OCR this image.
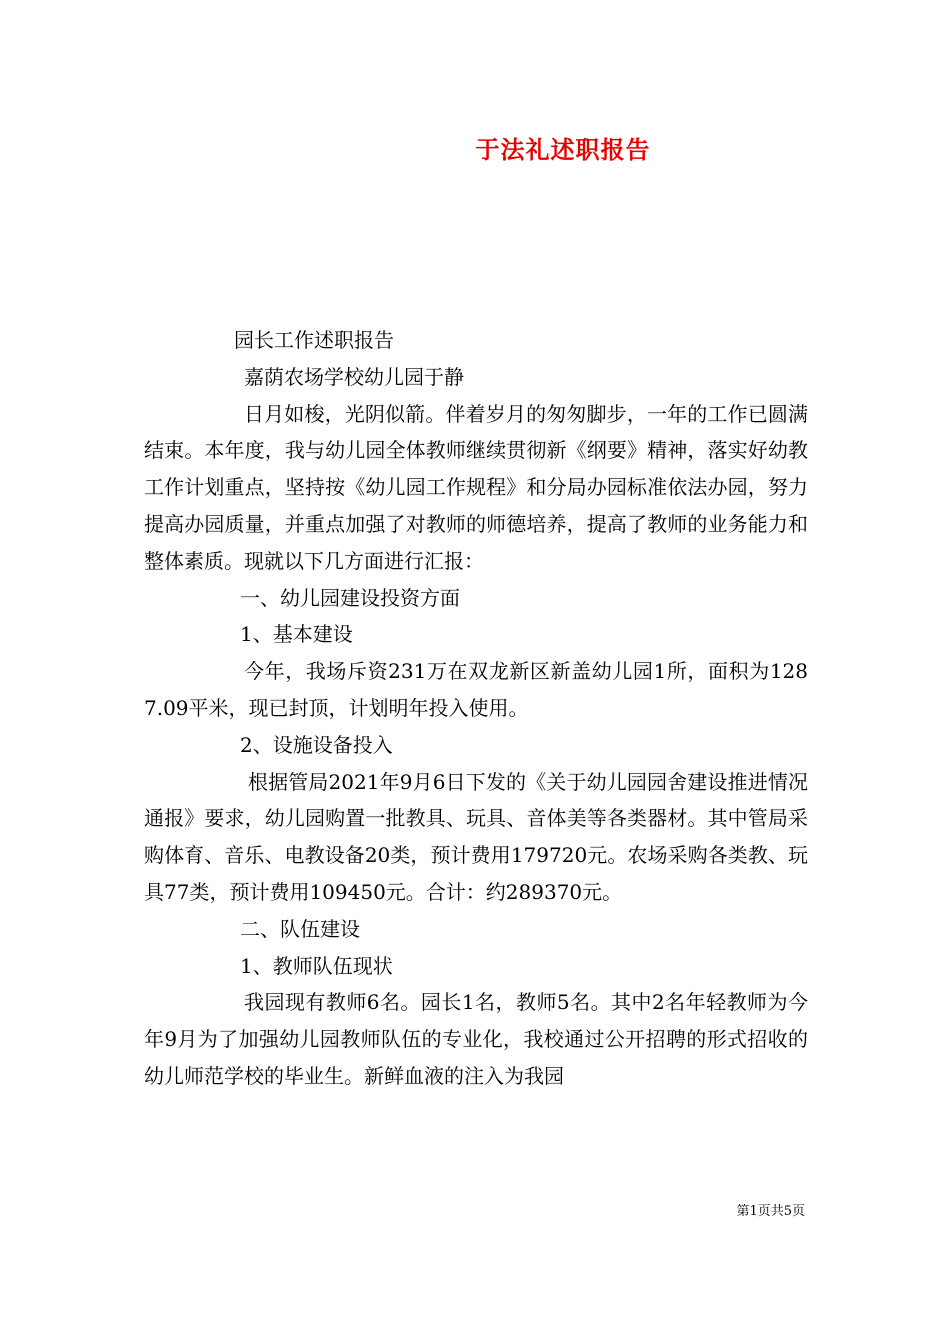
于法礼述职报告

园长工作述职报告

嘉荫农场学校幼儿园于静

日月如梭，光阴似箭。伴着岁月的匆匆脚步，一年的工作已圆满结束。本年度，我与幼儿园全体教师继续贯彻新《纲要》精神，落实好幼教工作计划重点，坚持按《幼儿园工作规程》和分局办园标准依法办园，努力提高办园质量，并重点加强了对教师的师德培养，提高了教师的业务能力和整体素质。现就以下几方面进行汇报：

一、幼儿园建设投资方面

1、基本建设

今年，我场斥资231万在双龙新区新盖幼儿园1所，面积为1287.09平米，现已封顶，计划明年投入使用。

2、设施设备投入

根据管局2021年9月6日下发的《关于幼儿园园舍建设推进情况通报》要求，幼儿园购置一批教具、玩具、音体美等各类器材。其中管局采购体育、音乐、电教设备20类，预计费用179720元。农场采购各类教、玩具77类，预计费用109450元。合计：约289370元。

二、队伍建设

1、教师队伍现状

我园现有教师6名。园长1名，教师5名。其中2名年轻教师为今年9月为了加强幼儿园教师队伍的专业化，我校通过公开招聘的形式招收的幼儿师范学校的毕业生。新鲜血液的注入为我园

第1页共5页
